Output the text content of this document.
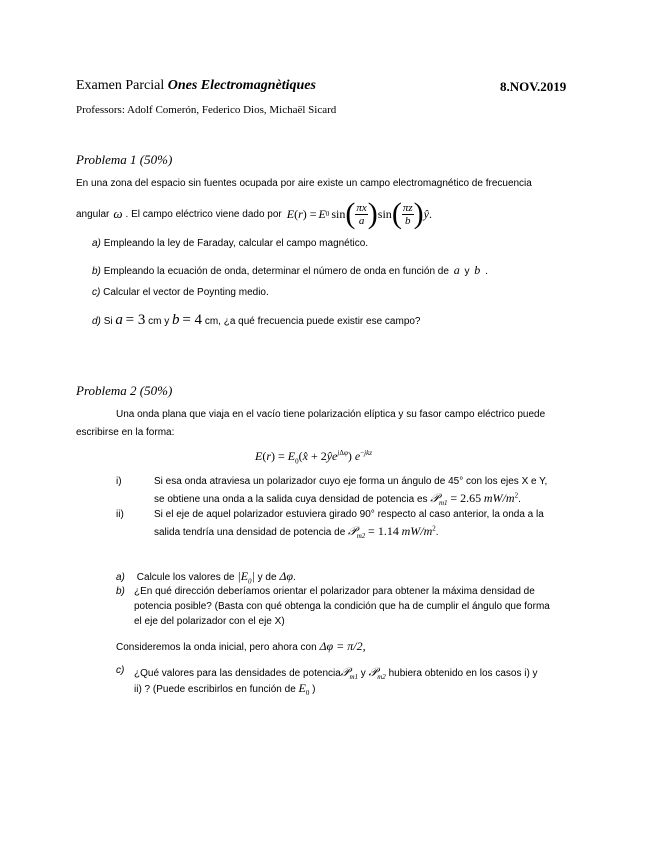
Examen Parcial Ones Electromagnètiques	8.NOV.2019
Professors: Adolf Comerón, Federico Dios, Michaël Sicard
Problema 1 (50%)
En una zona del espacio sin fuentes ocupada por aire existe un campo electromagnético de frecuencia
angular ω . El campo eléctrico viene dado por E ( r ) = E 0 sin ( $\frac{\pi x}{a}$ ) sin ( $\frac{\pi z}{b}$ ) ŷ .
a) Empleando la ley de Faraday, calcular el campo magnético.
b) Empleando la ecuación de onda, determinar el número de onda en función de a y b .
c) Calcular el vector de Poynting medio.
d) Si a = 3 cm y b = 4 cm, ¿a qué frecuencia puede existir ese campo?
Problema 2 (50%)
Una onda plana que viaja en el vacío tiene polarización elíptica y su fasor campo eléctrico puede
escribirse en la forma:
$E(r) = E_0(x̂$ + $2ŷe^{j\Delta\varphi}$) $e^{-jkz}$
i)	Si esa onda atraviesa un polarizador cuyo eje forma un ángulo de 45° con los ejes X e Y,
se obtiene una onda a la salida cuya densidad de potencia es 𝒫$_{m1}$ = 2.65 $mW/m^2$.
ii)	Si el eje de aquel polarizador estuviera girado 90° respecto al caso anterior, la onda a la
salida tendría una densidad de potencia de 𝒫$_{m2}$ = 1.14 $mW/m^2$.
a) Calcule los valores de $|E_0|$ y de Δφ.
b) ¿En qué dirección deberíamos orientar el polarizador para obtener la máxima densidad de
potencia posible? (Basta con qué obtenga la condición que ha de cumplir el ángulo que forma
el eje del polarizador con el eje X)
Consideremos la onda inicial, pero ahora con Δφ = π/2,
c) ¿Qué valores para las densidades de potencia𝒫$_{m1}$ y 𝒫$_{m2}$ hubiera obtenido en los casos i) y
ii) ? (Puede escribirlos en función de $E_0$ )
